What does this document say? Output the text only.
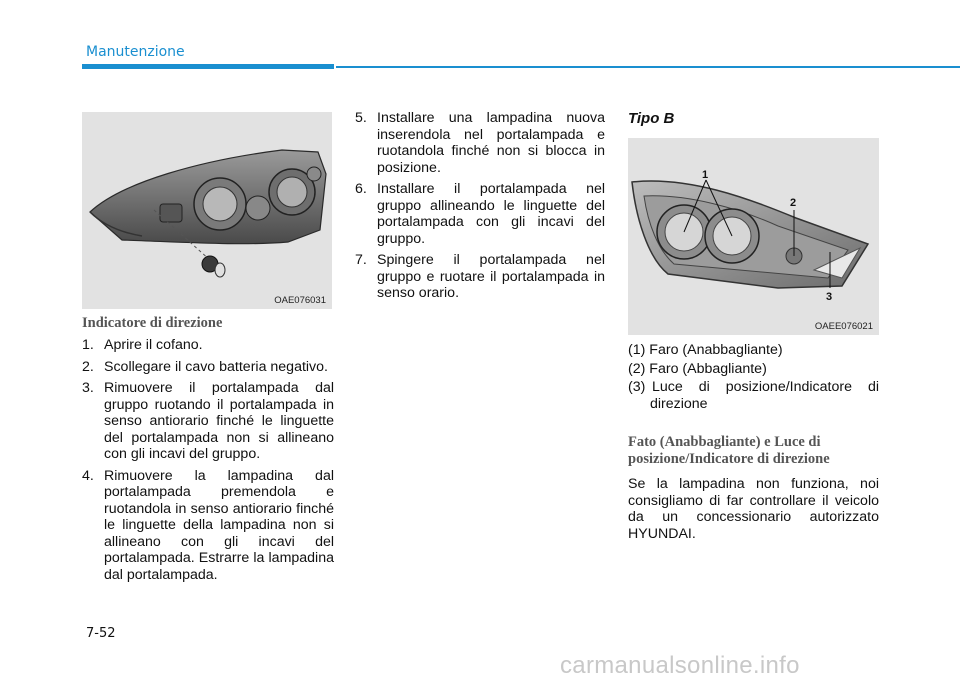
Manutenzione
OAE076031

Indicatore di direzione

1. Aprire il cofano.
2. Scollegare il cavo batteria negativo.
3. Rimuovere il portalampada dal gruppo ruotando il portalampada in senso antiorario finché le linguette del portalampada non si allineano con gli incavi del gruppo.
4. Rimuovere la lampadina dal portalampada premendola e ruotandola in senso antiorario finché le linguette della lampadina non si allineano con gli incavi del portalampada. Estrarre la lampadina dal portalampada.
5. Installare una lampadina nuova inserendola nel portalampada e ruotandola finché non si blocca in posizione.
6. Installare il portalampada nel gruppo allineando le linguette del portalampada con gli incavi del gruppo.
7. Spingere il portalampada nel gruppo e ruotare il portalampada in senso orario.
Tipo B
1
2
3
OAEE076021
(1) Faro (Anabbagliante)
(2) Faro (Abbagliante)
(3) Luce di posizione/Indicatore di direzione

Fato (Anabbagliante) e Luce di posizione/Indicatore di direzione

Se la lampadina non funziona, noi consigliamo di far controllare il veicolo da un concessionario autorizzato HYUNDAI.

7-52
carmanualsonline.info
